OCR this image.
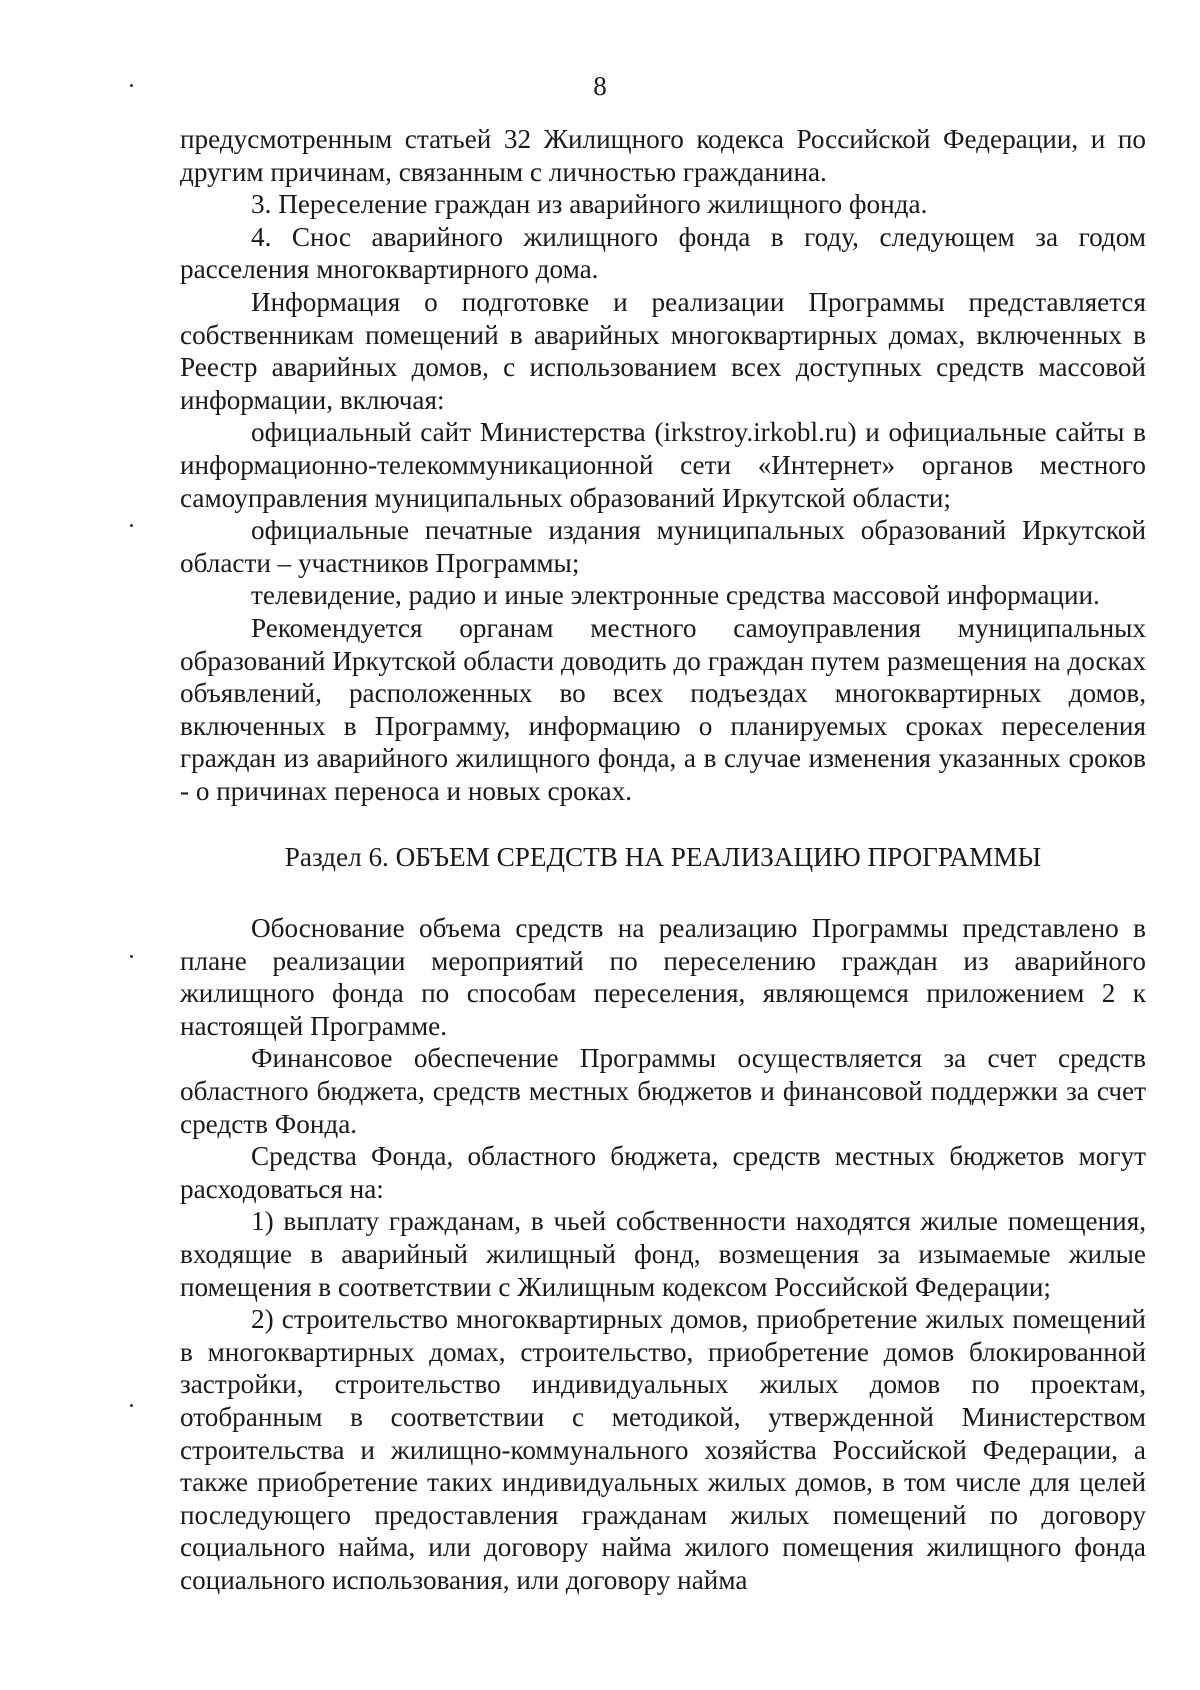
8

предусмотренным статьей 32 Жилищного кодекса Российской Федерации, и по другим причинам, связанным с личностью гражданина.

3. Переселение граждан из аварийного жилищного фонда.

4. Снос аварийного жилищного фонда в году, следующем за годом расселения многоквартирного дома.

Информация о подготовке и реализации Программы представляется собственникам помещений в аварийных многоквартирных домах, включенных в Реестр аварийных домов, с использованием всех доступных средств массовой информации, включая:

официальный сайт Министерства (irkstroy.irkobl.ru) и официальные сайты в информационно-телекоммуникационной сети «Интернет» органов местного самоуправления муниципальных образований Иркутской области;

официальные печатные издания муниципальных образований Иркутской области – участников Программы;

телевидение, радио и иные электронные средства массовой информации.

Рекомендуется органам местного самоуправления муниципальных образований Иркутской области доводить до граждан путем размещения на досках объявлений, расположенных во всех подъездах многоквартирных домов, включенных в Программу, информацию о планируемых сроках переселения граждан из аварийного жилищного фонда, а в случае изменения указанных сроков - о причинах переноса и новых сроках.

Раздел 6. ОБЪЕМ СРЕДСТВ НА РЕАЛИЗАЦИЮ ПРОГРАММЫ

Обоснование объема средств на реализацию Программы представлено в плане реализации мероприятий по переселению граждан из аварийного жилищного фонда по способам переселения, являющемся приложением 2 к настоящей Программе.

Финансовое обеспечение Программы осуществляется за счет средств областного бюджета, средств местных бюджетов и финансовой поддержки за счет средств Фонда.

Средства Фонда, областного бюджета, средств местных бюджетов могут расходоваться на:

1) выплату гражданам, в чьей собственности находятся жилые помещения, входящие в аварийный жилищный фонд, возмещения за изымаемые жилые помещения в соответствии с Жилищным кодексом Российской Федерации;

2) строительство многоквартирных домов, приобретение жилых помещений в многоквартирных домах, строительство, приобретение домов блокированной застройки, строительство индивидуальных жилых домов по проектам, отобранным в соответствии с методикой, утвержденной Министерством строительства и жилищно-коммунального хозяйства Российской Федерации, а также приобретение таких индивидуальных жилых домов, в том числе для целей последующего предоставления гражданам жилых помещений по договору социального найма, или договору найма жилого помещения жилищного фонда социального использования, или договору найма
